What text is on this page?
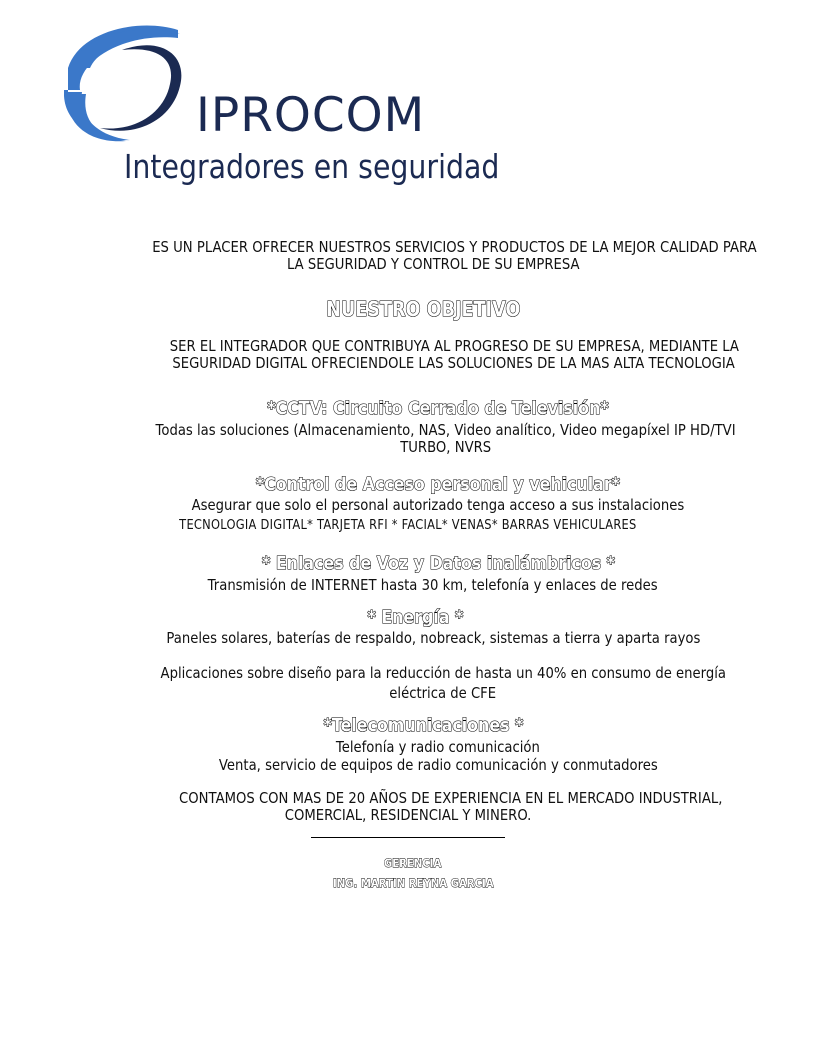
IPROCOM
Integradores en seguridad
ES UN PLACER OFRECER NUESTROS SERVICIOS Y PRODUCTOS DE LA MEJOR CALIDAD PARA
LA SEGURIDAD Y CONTROL DE SU EMPRESA
NUESTRO OBJETIVO
SER EL INTEGRADOR QUE CONTRIBUYA AL PROGRESO DE SU EMPRESA, MEDIANTE LA
SEGURIDAD DIGITAL OFRECIENDOLE LAS SOLUCIONES DE LA MAS ALTA TECNOLOGIA
*CCTV: Circuito Cerrado de Televisión*
Todas las soluciones (Almacenamiento, NAS, Video analítico, Video megapíxel IP HD/TVI
TURBO, NVRS
*Control de Acceso personal y vehicular*
Asegurar que solo el personal autorizado tenga acceso a sus instalaciones
TECNOLOGIA DIGITAL* TARJETA RFI * FACIAL* VENAS* BARRAS VEHICULARES
* Enlaces de Voz y Datos inalámbricos *
Transmisión de INTERNET hasta 30 km, telefonía y enlaces de redes
* Energía *
Paneles solares, baterías de respaldo, nobreack, sistemas a tierra y aparta rayos
Aplicaciones sobre diseño para la reducción de hasta un 40% en consumo de energía
eléctrica de CFE
*Telecomunicaciones *
Telefonía y radio comunicación
Venta, servicio de equipos de radio comunicación y conmutadores
CONTAMOS CON MAS DE 20 AÑOS DE EXPERIENCIA EN EL MERCADO INDUSTRIAL,
COMERCIAL, RESIDENCIAL Y MINERO.
GERENCIA
ING. MARTIN REYNA GARCIA
